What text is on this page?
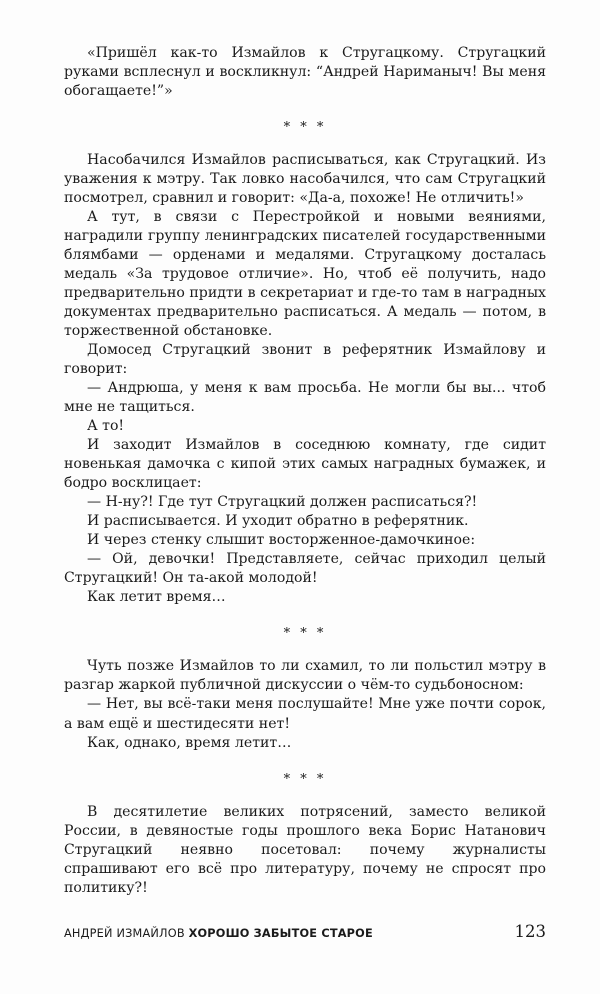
«Пришёл как-то Измайлов к Стругацкому. Стругацкий руками всплеснул и воскликнул: “Андрей Нариманыч! Вы меня обогащаете!”»

* * *

Насобачился Измайлов расписываться, как Стругацкий. Из уважения к мэтру. Так ловко насобачился, что сам Стругацкий посмотрел, сравнил и говорит: «Да-а, похоже! Не отличить!»

А тут, в связи с Перестройкой и новыми веяниями, наградили группу ленинградских писателей государственными блямбами — орденами и медалями. Стругацкому досталась медаль «За трудовое отличие». Но, чтоб её получить, надо предварительно придти в секретариат и где-то там в наградных документах предварительно расписаться. А медаль — потом, в торжественной обстановке.

Домосед Стругацкий звонит в реферятник Измайлову и говорит:

— Андрюша, у меня к вам просьба. Не могли бы вы... чтоб мне не тащиться.

А то!

И заходит Измайлов в соседнюю комнату, где сидит новенькая дамочка с кипой этих самых наградных бумажек, и бодро восклицает:

— Н-ну?! Где тут Стругацкий должен расписаться?!

И расписывается. И уходит обратно в реферятник.

И через стенку слышит восторженное-дамочкиное:

— Ой, девочки! Представляете, сейчас приходил целый Стругацкий! Он та-акой молодой!

Как летит время…

* * *

Чуть позже Измайлов то ли схамил, то ли польстил мэтру в разгар жаркой публичной дискуссии о чём-то судьбоносном:

— Нет, вы всё-таки меня послушайте! Мне уже почти сорок, а вам ещё и шестидесяти нет!

Как, однако, время летит…

* * *

В десятилетие великих потрясений, заместо великой России, в девяностые годы прошлого века Борис Натанович Стругацкий неявно посетовал: почему журналисты спрашивают его всё про литературу, почему не спросят про политику?!

АНДРЕЙ ИЗМАЙЛОВ ХОРОШО ЗАБЫТОЕ СТАРОЕ	123
